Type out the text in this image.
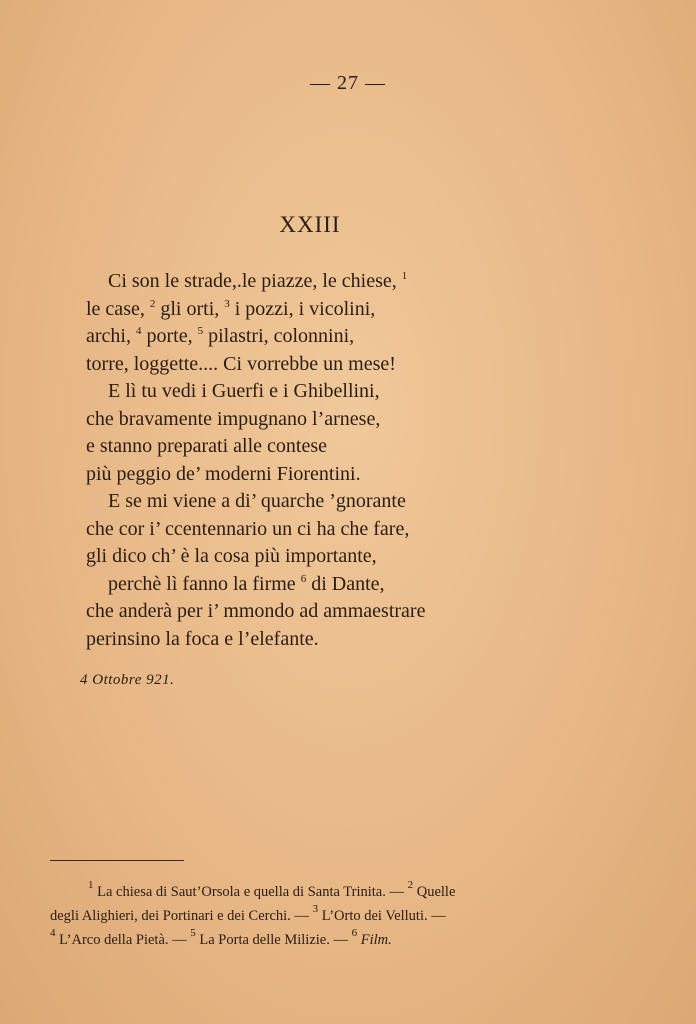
— 27 —
XXIII
Ci son le strade,.le piazze, le chiese, $^1$
le case, $^2$ gli orti, $^3$ i pozzi, i vicolini,
archi, $^4$ porte, $^5$ pilastri, colonnini,
torre, loggette.... Ci vorrebbe un mese!
E lì tu vedi i Guerfi e i Ghibellini,
che bravamente impugnano l’arnese,
e stanno preparati alle contese
più peggio de’ moderni Fiorentini.
E se mi viene a di’ quarche ’gnorante
che cor i’ ccentennario un ci ha che fare,
gli dico ch’ è la cosa più importante,
perchè lì fanno la firme $^6$ di Dante,
che anderà per i’ mmondo ad ammaestrare
perinsino la foca e l’elefante.
4 Ottobre 921.
$^1$ La chiesa di Saut’Orsola e quella di Santa Trinita. — $^2$ Quelle
degli Alighieri, dei Portinari e dei Cerchi. — $^3$ L’Orto dei Velluti. —
$^4$ L’Arco della Pietà. — $^5$ La Porta delle Milizie. — $^6$ Film.
